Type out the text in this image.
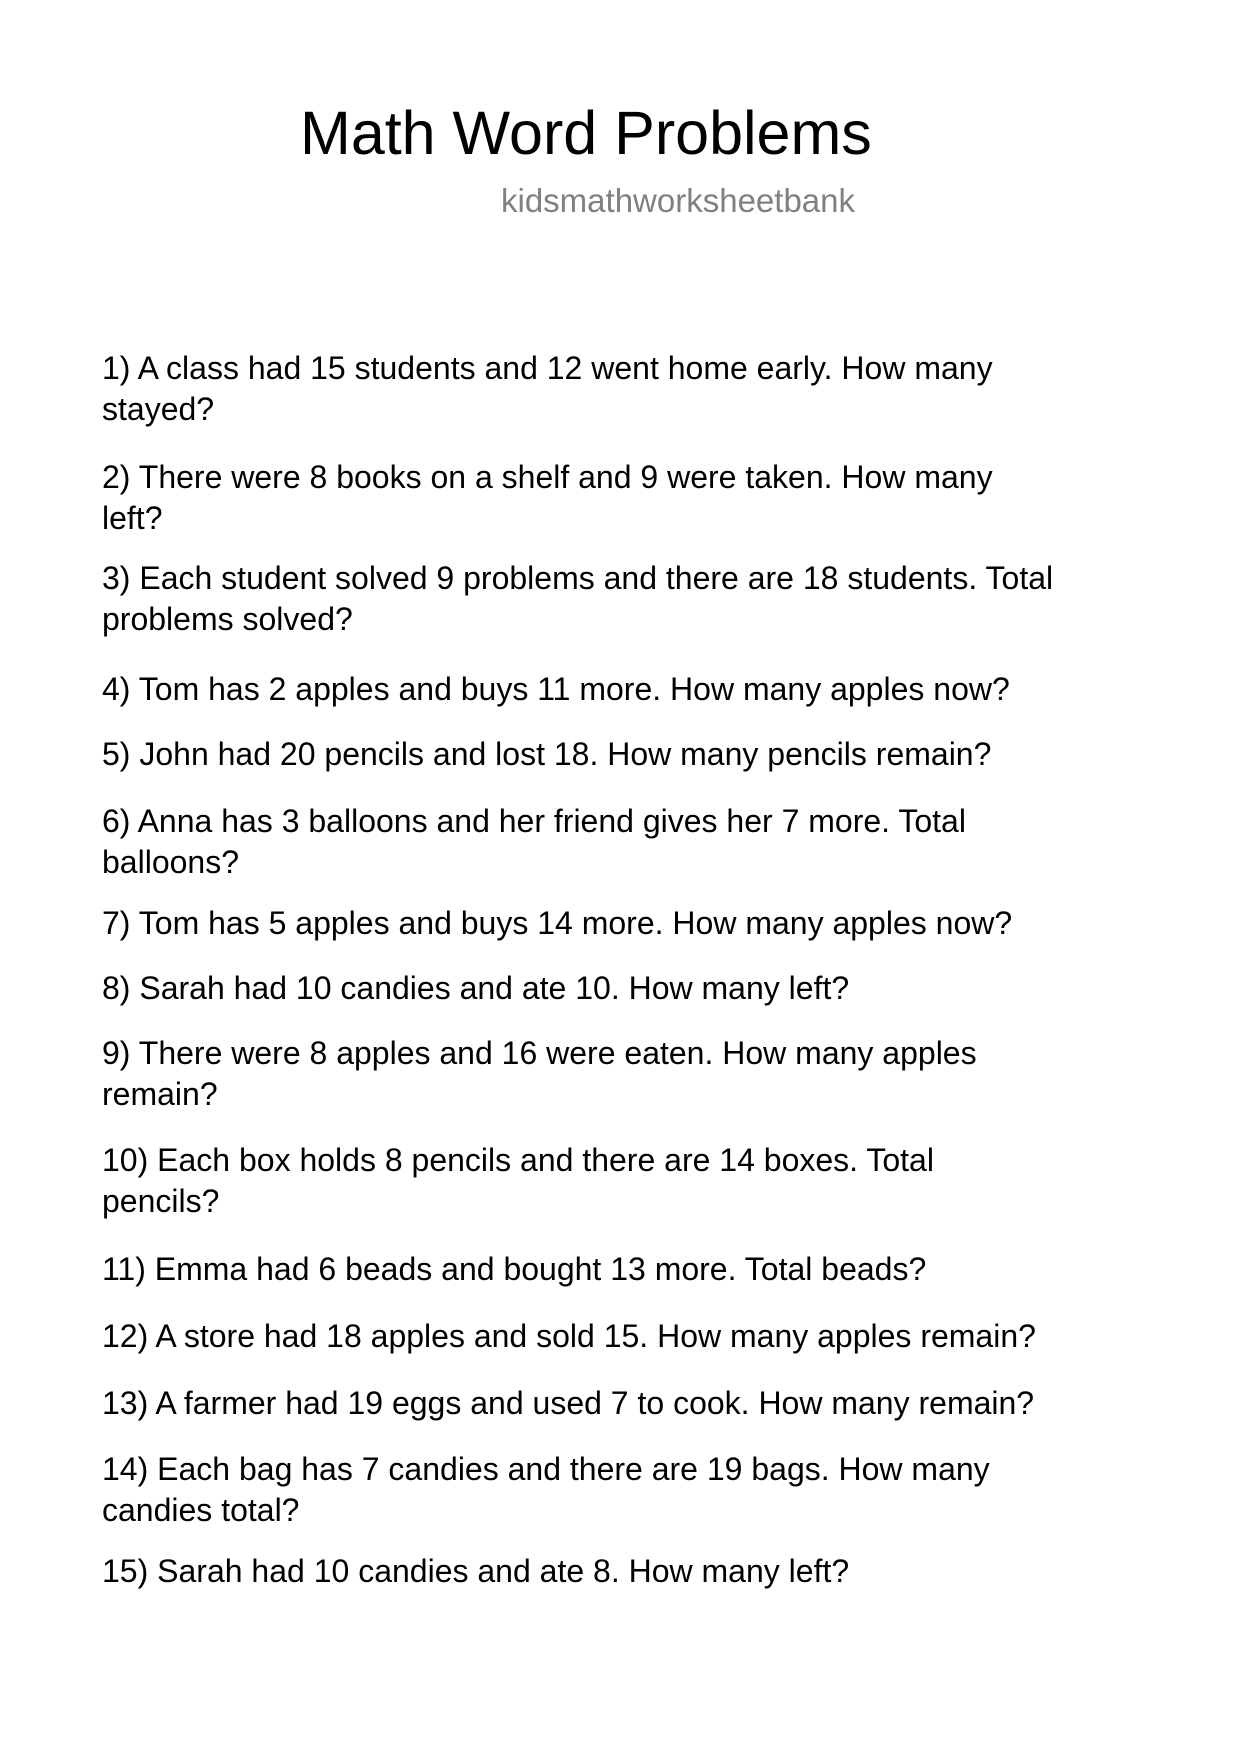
Math Word Problems
kidsmathworksheetbank
1) A class had 15 students and 12 went home early. How many
stayed?
2) There were 8 books on a shelf and 9 were taken. How many
left?
3) Each student solved 9 problems and there are 18 students. Total
problems solved?
4) Tom has 2 apples and buys 11 more. How many apples now?
5) John had 20 pencils and lost 18. How many pencils remain?
6) Anna has 3 balloons and her friend gives her 7 more. Total
balloons?
7) Tom has 5 apples and buys 14 more. How many apples now?
8) Sarah had 10 candies and ate 10. How many left?
9) There were 8 apples and 16 were eaten. How many apples
remain?
10) Each box holds 8 pencils and there are 14 boxes. Total
pencils?
11) Emma had 6 beads and bought 13 more. Total beads?
12) A store had 18 apples and sold 15. How many apples remain?
13) A farmer had 19 eggs and used 7 to cook. How many remain?
14) Each bag has 7 candies and there are 19 bags. How many
candies total?
15) Sarah had 10 candies and ate 8. How many left?
